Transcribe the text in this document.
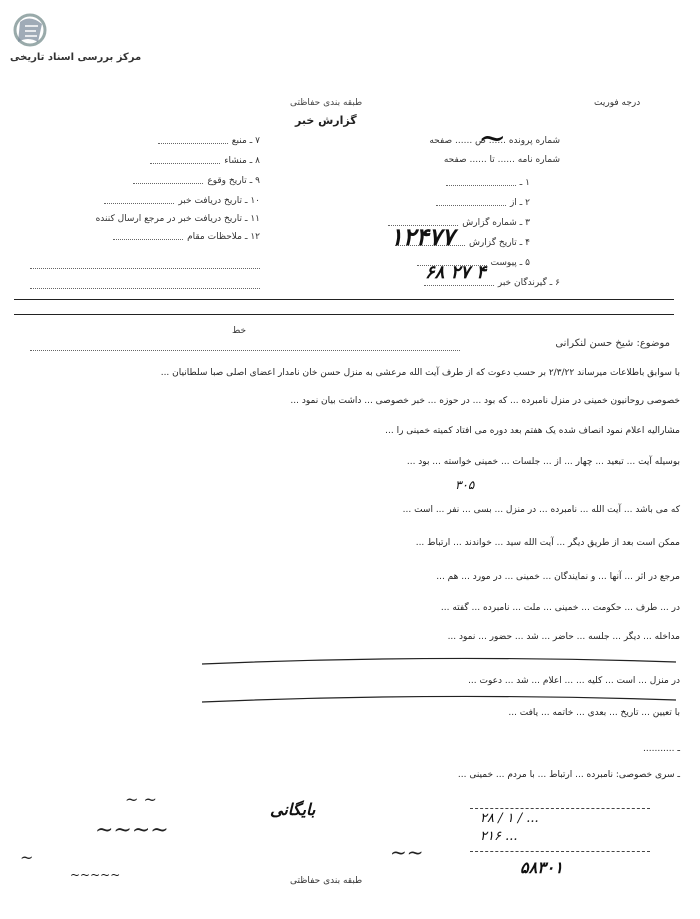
مرکز بررسی اسناد تاریخی
طبقه بندی حفاظتی
گزارش خبر
درجه فوریت
شماره پرونده ...... ص ...... صفحه
شماره نامه ...... تا ...... صفحه
۱ ـ
۲ ـ از
۳ ـ شماره گزارش
۴ ـ تاریخ گزارش
۵ ـ پیوست
۶ ـ گیرندگان خبر
~
۱۲۴۷۷
۶۸ ۲۷ ۴
۷ ـ منبع
۸ ـ منشاء
۹ ـ تاریخ وقوع
۱۰ ـ تاریخ دریافت خبر
۱۱ ـ تاریخ دریافت خبر در مرجع ارسال کننده
۱۲ ـ ملاحظات مقام
موضوع: شیخ حسن لنکرانی
خط
با سوابق باطلاعات میرساند ۲/۳/۲۲ بر حسب دعوت که از طرف آیت الله مرعشی به منزل حسن خان نامدار اعضای اصلی صبا سلطانیان ...
خصوصی روحانیون خمینی در منزل نامبرده ... که بود ... در حوزه ... خبر خصوصی ... داشت بیان نمود ...
مشارالیه اعلام نمود انصاف شده یک هفتم بعد دوره می افتاد کمیته خمینی را ...
بوسیله آیت ... تبعید ... چهار ... از ... جلسات ... خمینی خواسته ... بود ...
۳۰۵
که می باشد ... آیت الله ... نامبرده ... در منزل ... بسی ... نفر ... است ...
ممکن است بعد از طریق دیگر ... آیت الله سید ... خواندند ... ارتباط ...
مرجع در اثر ... آنها ... و نمایندگان ... خمینی ... در مورد ... هم ...
در ... طرف ... حکومت ... خمینی ... ملت ... نامبرده ... گفته ...
مداخله ... دیگر ... جلسه ... حاضر ... شد ... حضور ... نمود ...
در منزل ... است ... کلیه ... ... اعلام ... شد ... دعوت ...
با تعیین ... تاریخ ... بعدی ... خاتمه ... یافت ...
ـ ...........
ـ سری خصوصی: نامبرده ... ارتباط ... با مردم ... خمینی ...
~ ~
بایگانی
~~~~
~
~~~~~
~~
طبقه بندی حفاظتی
۲۸ / ۱ / ...
۲۱۶ ...
۵۸۳۰۱
